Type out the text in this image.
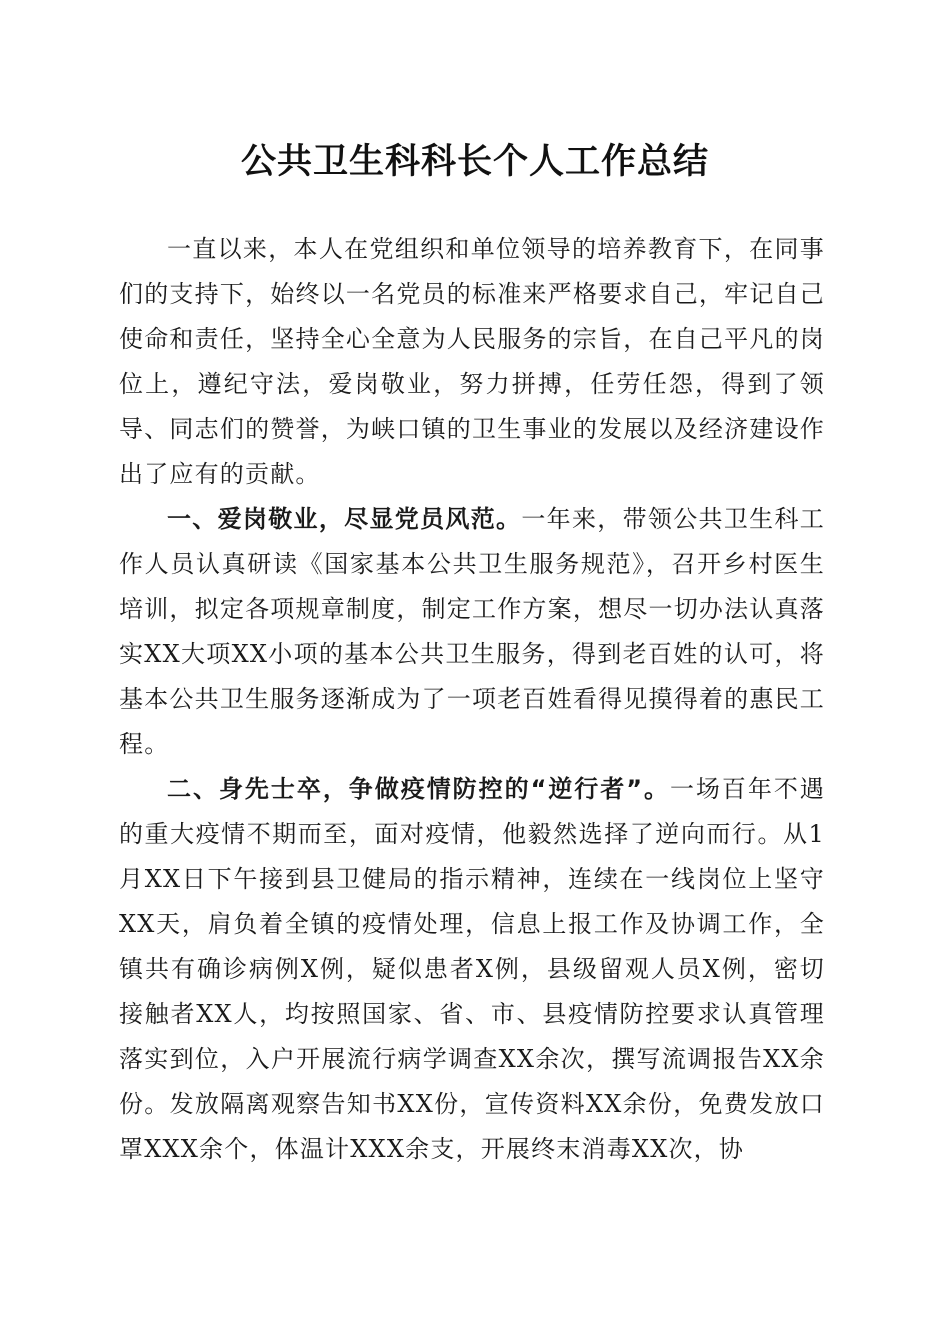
公共卫生科科长个人工作总结

一直以来，本人在党组织和单位领导的培养教育下，在同事们的支持下，始终以一名党员的标准来严格要求自己，牢记自己使命和责任，坚持全心全意为人民服务的宗旨，在自己平凡的岗位上，遵纪守法，爱岗敬业，努力拼搏，任劳任怨，得到了领导、同志们的赞誉，为峡口镇的卫生事业的发展以及经济建设作出了应有的贡献。

一、爱岗敬业，尽显党员风范。一年来，带领公共卫生科工作人员认真研读《国家基本公共卫生服务规范》，召开乡村医生培训，拟定各项规章制度，制定工作方案，想尽一切办法认真落实XX大项XX小项的基本公共卫生服务，得到老百姓的认可，将基本公共卫生服务逐渐成为了一项老百姓看得见摸得着的惠民工程。

二、身先士卒，争做疫情防控的“逆行者”。一场百年不遇的重大疫情不期而至，面对疫情，他毅然选择了逆向而行。从1月XX日下午接到县卫健局的指示精神，连续在一线岗位上坚守XX天，肩负着全镇的疫情处理，信息上报工作及协调工作，全镇共有确诊病例X例，疑似患者X例，县级留观人员X例，密切接触者XX人，均按照国家、省、市、县疫情防控要求认真管理落实到位，入户开展流行病学调查XX余次，撰写流调报告XX余份。发放隔离观察告知书XX份，宣传资料XX余份，免费发放口罩XXX余个，体温计XXX余支，开展终末消毒XX次，协
